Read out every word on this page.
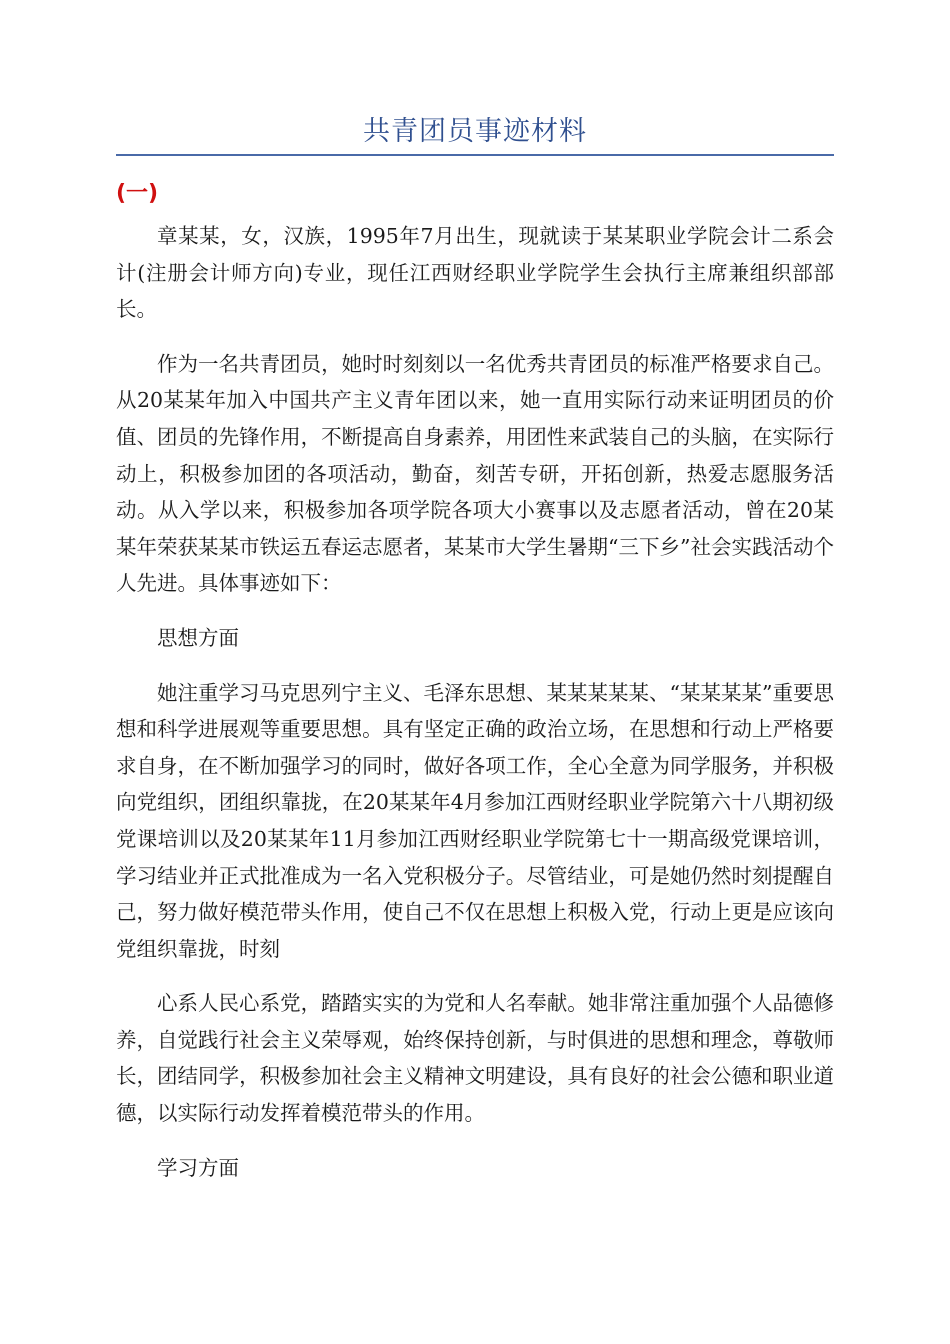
共青团员事迹材料
(一)

章某某，女，汉族，1995年7月出生，现就读于某某职业学院会计二系会计(注册会计师方向)专业，现任江西财经职业学院学生会执行主席兼组织部部长。

作为一名共青团员，她时时刻刻以一名优秀共青团员的标准严格要求自己。从20某某年加入中国共产主义青年团以来，她一直用实际行动来证明团员的价值、团员的先锋作用，不断提高自身素养，用团性来武装自己的头脑，在实际行动上，积极参加团的各项活动，勤奋，刻苦专研，开拓创新，热爱志愿服务活动。从入学以来，积极参加各项学院各项大小赛事以及志愿者活动，曾在20某某年荣获某某市铁运五春运志愿者，某某市大学生暑期“三下乡”社会实践活动个人先进。具体事迹如下：

思想方面

她注重学习马克思列宁主义、毛泽东思想、某某某某某、“某某某某”重要思想和科学进展观等重要思想。具有坚定正确的政治立场，在思想和行动上严格要求自身，在不断加强学习的同时，做好各项工作，全心全意为同学服务，并积极向党组织，团组织靠拢，在20某某年4月参加江西财经职业学院第六十八期初级党课培训以及20某某年11月参加江西财经职业学院第七十一期高级党课培训，学习结业并正式批准成为一名入党积极分子。尽管结业，可是她仍然时刻提醒自己，努力做好模范带头作用，使自己不仅在思想上积极入党，行动上更是应该向党组织靠拢，时刻

心系人民心系党，踏踏实实的为党和人名奉献。她非常注重加强个人品德修养，自觉践行社会主义荣辱观，始终保持创新，与时俱进的思想和理念，尊敬师长，团结同学，积极参加社会主义精神文明建设，具有良好的社会公德和职业道德，以实际行动发挥着模范带头的作用。

学习方面
